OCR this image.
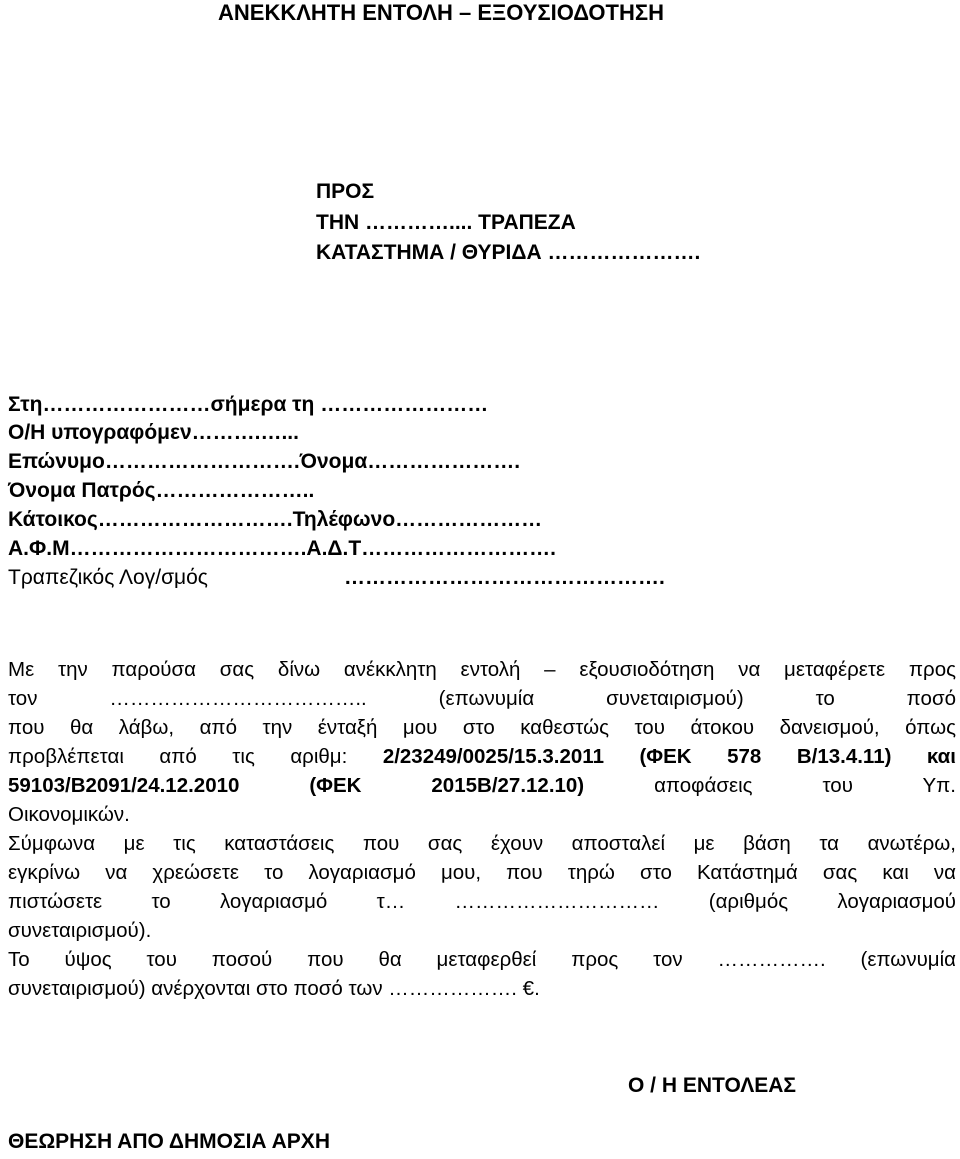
ΑΝΕΚΚΛΗΤΗ ΕΝΤΟΛΗ – ΕΞΟΥΣΙΟΔΟΤΗΣΗ
ΠΡΟΣ
ΤΗΝ ………….... ΤΡΑΠΕΖΑ
ΚΑΤΑΣΤΗΜΑ / ΘΥΡΙΔΑ ………………….
Στη……………………σήμερα τη ……………………
Ο/Η υπογραφόμεν……….…...
Επώνυμο……………………….Όνομα………………….
Όνομα Πατρός…………………..
Κάτοικος……………………….Τηλέφωνο…………………
Α.Φ.Μ…………………………….Α.Δ.Τ……………………….
Τραπεζικός Λογ/σμός	……………………………………….
Με την παρούσα σας δίνω ανέκκλητη εντολή – εξουσιοδότηση να μεταφέρετε προς
τον ……………………………….. (επωνυμία συνεταιρισμού) το ποσό
που θα λάβω, από την ένταξή μου στο καθεστώς του άτοκου δανεισμού, όπως
προβλέπεται από τις αριθμ: 2/23249/0025/15.3.2011 (ΦΕΚ 578 Β/13.4.11) και
59103/Β2091/24.12.2010 (ΦΕΚ 2015Β/27.12.10) αποφάσεις του Υπ.
Οικονομικών.
Σύμφωνα με τις καταστάσεις που σας έχουν αποσταλεί με βάση τα ανωτέρω,
εγκρίνω να χρεώσετε το λογαριασμό μου, που τηρώ στο Κατάστημά σας και να
πιστώσετε το λογαριασμό τ… ………………………… (αριθμός λογαριασμού
συνεταιρισμού).
Το ύψος του ποσού που θα μεταφερθεί προς τον ……………. (επωνυμία
συνεταιρισμού) ανέρχονται στο ποσό των ………………. €.
Ο / Η ΕΝΤΟΛΕΑΣ
ΘΕΩΡΗΣΗ ΑΠΟ ΔΗΜΟΣΙΑ ΑΡΧΗ
